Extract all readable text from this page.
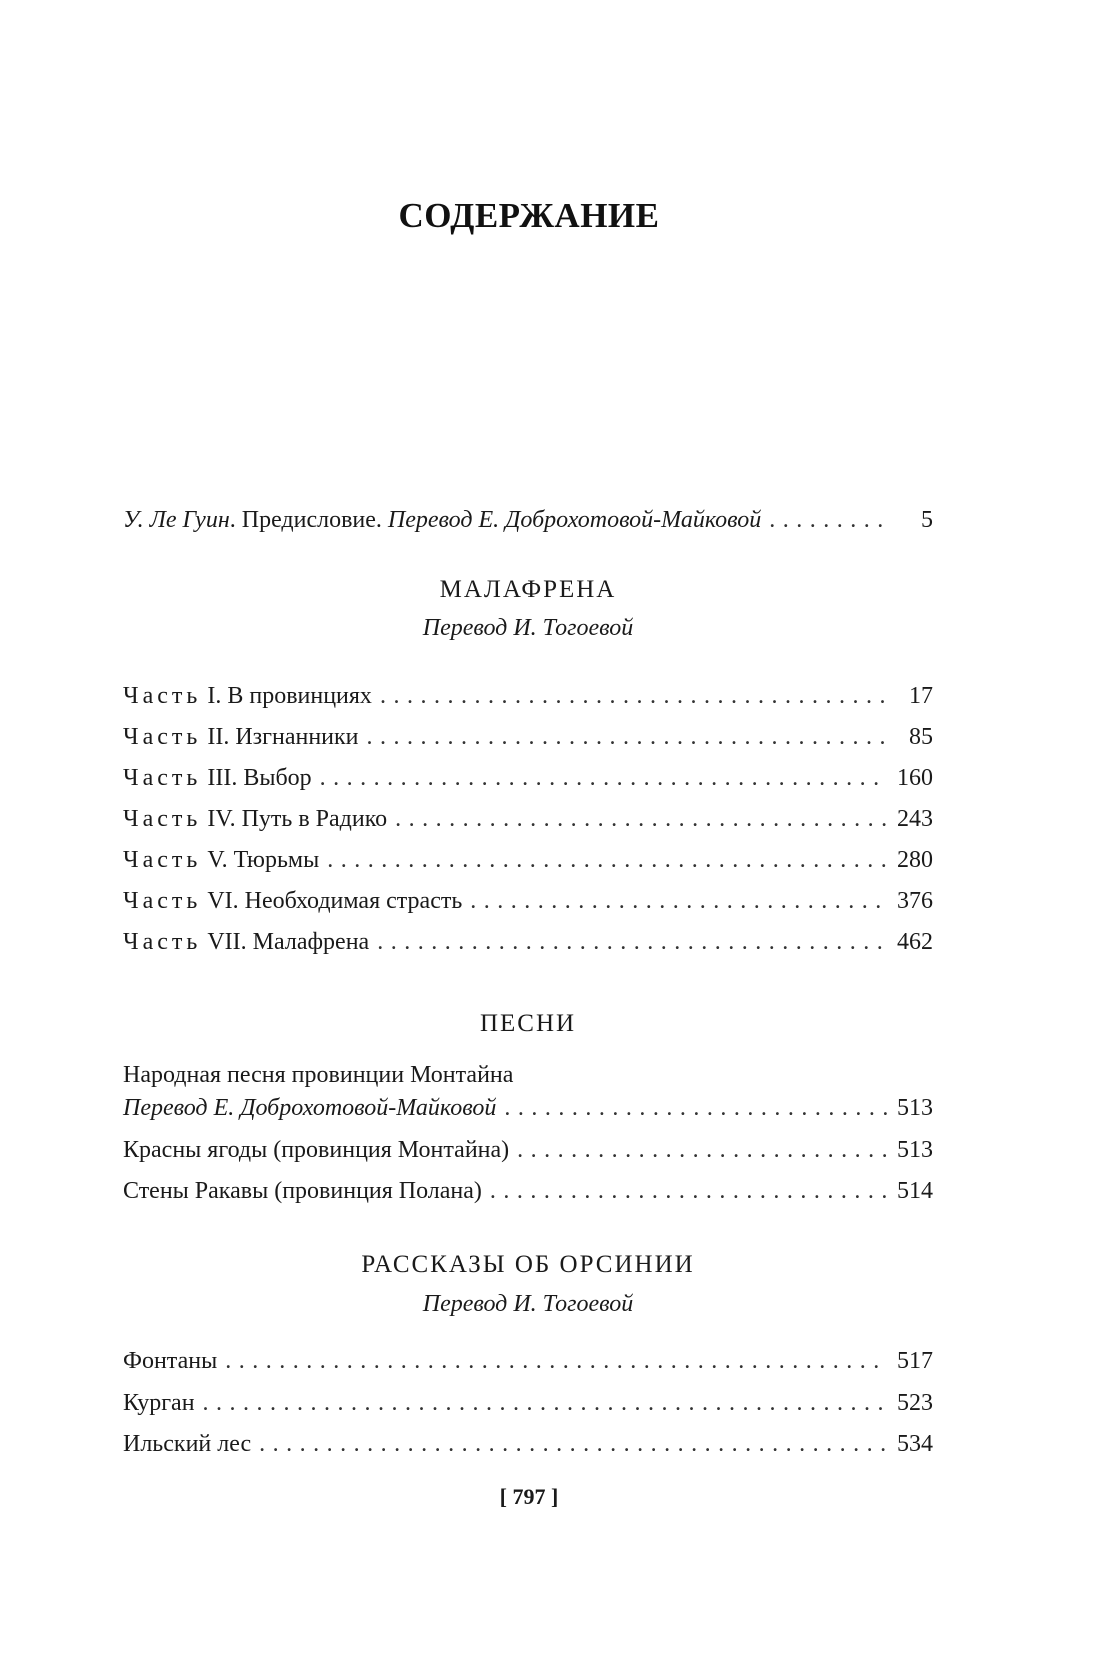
СОДЕРЖАНИЕ
У. Ле Гуин. Предисловие. Перевод Е. Доброхотовой-Майковой . . .	5
МАЛАФРЕНА
Перевод И. Тогоевой
Часть I. В провинциях . . .	17
Часть II. Изгнанники . . .	85
Часть III. Выбор . . .	160
Часть IV. Путь в Радико . . .	243
Часть V. Тюрьмы . . .	280
Часть VI. Необходимая страсть . . .	376
Часть VII. Малафрена . . .	462
ПЕСНИ
Народная песня провинции Монтайна
Перевод Е. Доброхотовой-Майковой . . .	513
Красны ягоды (провинция Монтайна) . . .	513
Стены Ракавы (провинция Полана) . . .	514
РАССКАЗЫ ОБ ОРСИНИИ
Перевод И. Тогоевой
Фонтаны . . .	517
Курган . . .	523
Ильский лес . . .	534
[ 797 ]
